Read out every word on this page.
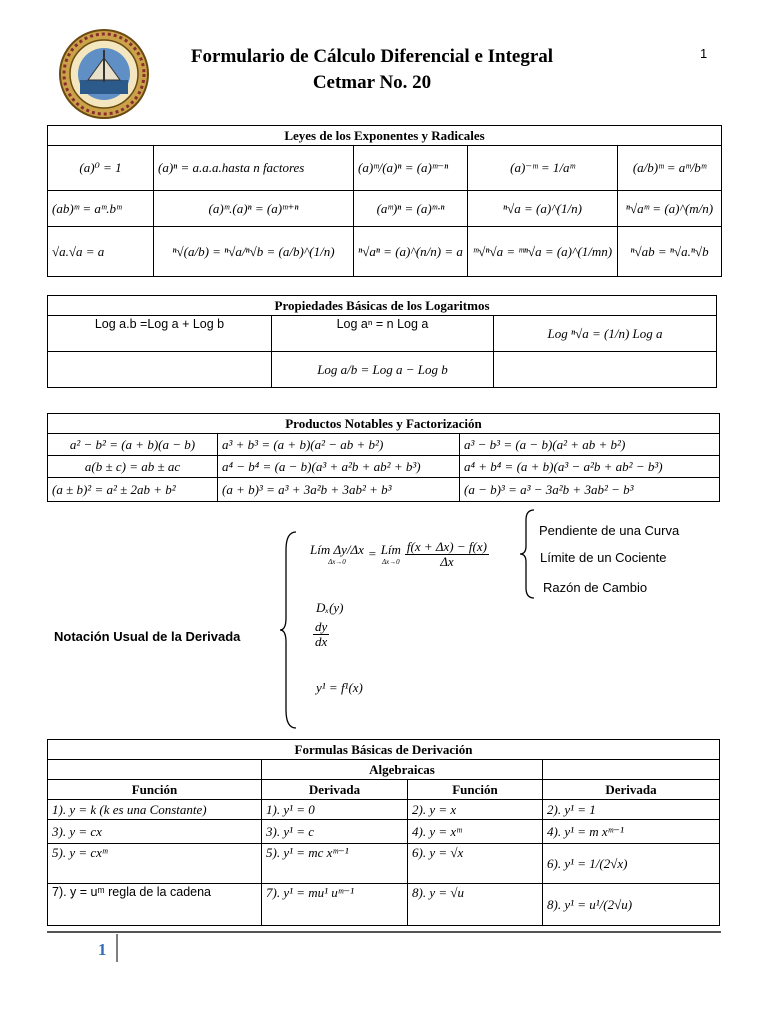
Formulario de Cálculo Diferencial e Integral
Cetmar No. 20
1
Leyes de los Exponentes y Radicales				
(a)⁰ = 1	(a)ⁿ = a.a.a.hasta n factores	(a)ᵐ/(a)ⁿ = (a)ᵐ⁻ⁿ	(a)⁻ᵐ = 1/aᵐ	(a/b)ᵐ = aᵐ/bᵐ
(ab)ᵐ = aᵐ.bᵐ	(a)ᵐ.(a)ⁿ = (a)ᵐ⁺ⁿ	(aᵐ)ⁿ = (a)ᵐ·ⁿ	ⁿ√a = (a)^(1/n)	ⁿ√aᵐ = (a)^(m/n)
√a.√a = a	ⁿ√(a/b) = ⁿ√a/ⁿ√b = (a/b)^(1/n)	ⁿ√aⁿ = (a)^(n/n) = a	ᵐ√ⁿ√a = ᵐⁿ√a = (a)^(1/mn)	ⁿ√ab = ⁿ√a.ⁿ√b
Propiedades Básicas de los Logaritmos		
Log a.b =Log a + Log b	Log aⁿ = n Log a	Log ⁿ√a = (1/n) Log a
	Log a/b = Log a − Log b	
Productos Notables y Factorización		
a² − b² = (a + b)(a − b)	a³ + b³ = (a + b)(a² − ab + b²)	a³ − b³ = (a − b)(a² + ab + b²)
a(b ± c) = ab ± ac	a⁴ − b⁴ = (a − b)(a³ + a²b + ab² + b³)	a⁴ + b⁴ = (a + b)(a³ − a²b + ab² − b³)
(a ± b)² = a² ± 2ab + b²	(a + b)³ = a³ + 3a²b + 3ab² + b³	(a − b)³ = a³ − 3a²b + 3ab² − b³
Notación Usual de la Derivada
Lím Δy/Δx
Δx→0
= Lím
$\Delta x\to 0 \frac{f(x + \Delta x) - f(x)}{\Delta x}$
Pendiente de una Curva
Límite de un Cociente
Razón de Cambio
Dₓ(y)
$\frac{dy}{dx}$
y¹ = f¹(x)
Formulas Básicas de Derivación			
	Algebraicas		
Función	Derivada	Función	Derivada
1). y = k (k es una Constante)	1). y¹ = 0	2). y = x	2). y¹ = 1
3). y = cx	3). y¹ = c	4). y = xᵐ	4). y¹ = m xᵐ⁻¹
5). y = cxᵐ	5). y¹ = mc xᵐ⁻¹	6). y = √x	6). y¹ = 1/(2√x)
7). y = uᵐ regla de la cadena	7). y¹ = mu¹ uᵐ⁻¹	8). y = √u	8). y¹ = u¹/(2√u)
1
